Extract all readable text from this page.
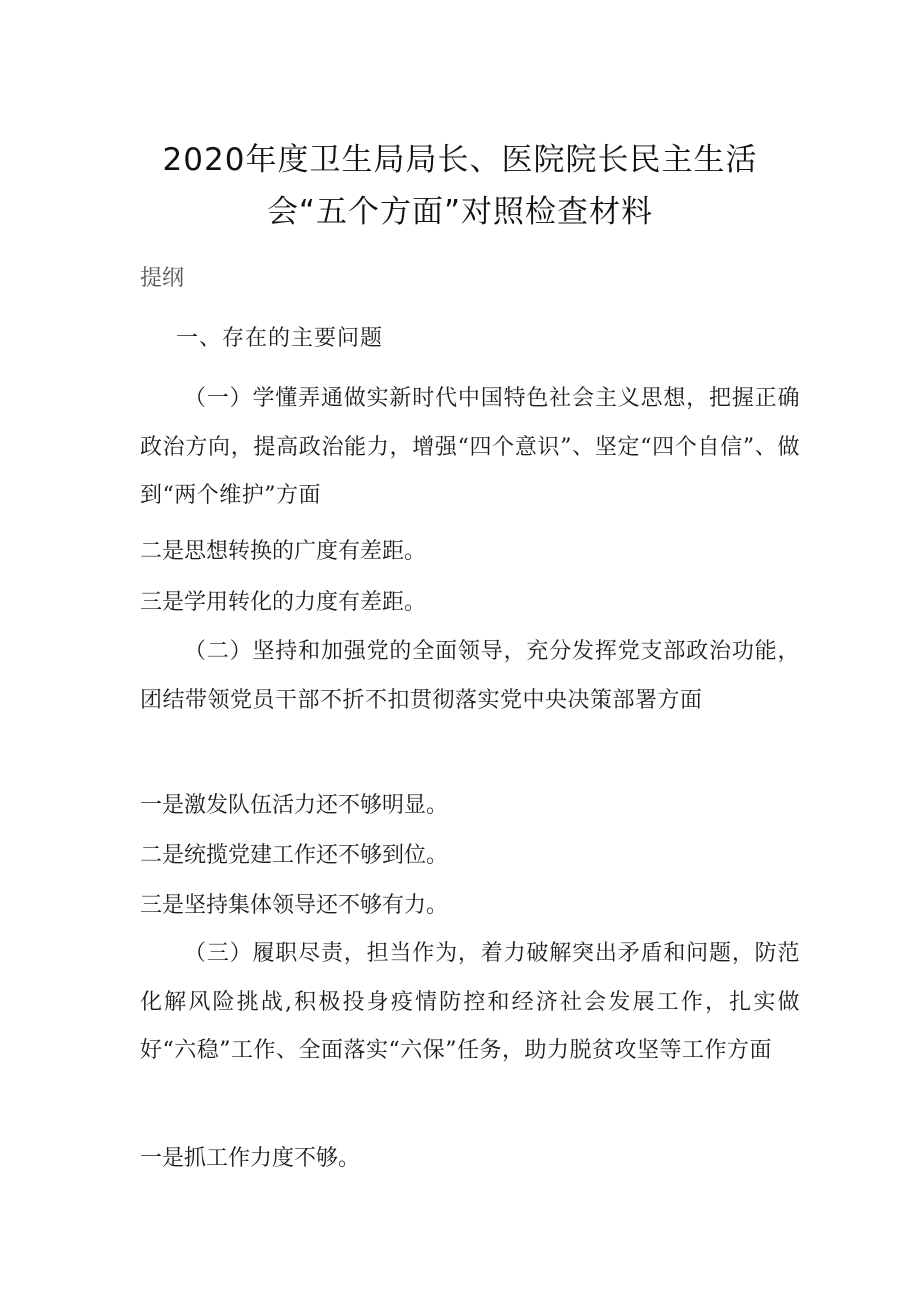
2020年度卫生局局长、医院院长民主生活
会“五个方面”对照检查材料
提纲
一、存在的主要问题
（一）学懂弄通做实新时代中国特色社会主义思想，把握正确政治方向，提高政治能力，增强“四个意识”、坚定“四个自信”、做到“两个维护”方面
二是思想转换的广度有差距。
三是学用转化的力度有差距。
（二）坚持和加强党的全面领导，充分发挥党支部政治功能，团结带领党员干部不折不扣贯彻落实党中央决策部署方面
一是激发队伍活力还不够明显。
二是统揽党建工作还不够到位。
三是坚持集体领导还不够有力。
（三）履职尽责，担当作为，着力破解突出矛盾和问题，防范化解风险挑战,积极投身疫情防控和经济社会发展工作，扎实做好“六稳”工作、全面落实“六保”任务，助力脱贫攻坚等工作方面
一是抓工作力度不够。
